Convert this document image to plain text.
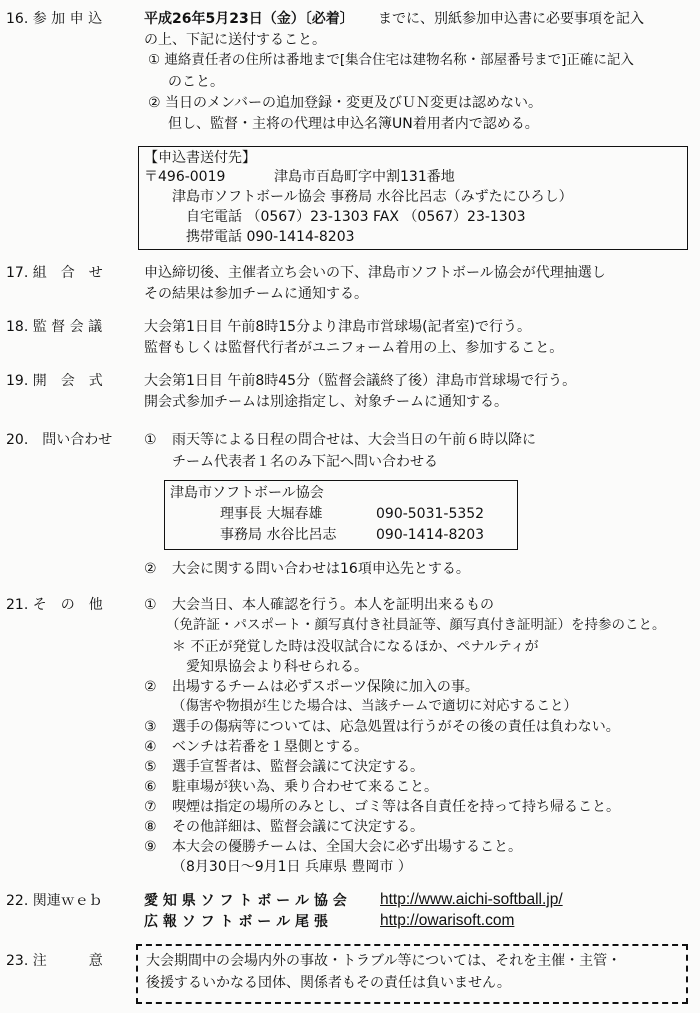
16. 参 加 申 込	平成26年5月23日（金）〔必着〕 までに、別紙参加申込書に必要事項を記入
の上、下記に送付すること。
① 連絡責任者の住所は番地まで[集合住宅は建物名称・部屋番号まで]正確に記入
のこと。
② 当日のメンバーの追加登録・変更及びＵＮ変更は認めない。
但し、監督・主将の代理は申込名簿UN着用者内で認める。
【申込書送付先】
〒496-0019	津島市百島町字中割131番地
津島市ソフトボール協会 事務局 水谷比呂志（みずたにひろし）
自宅電話 （0567）23-1303 FAX （0567）23-1303
携帯電話 090-1414-8203
17. 組　合　せ	申込締切後、主催者立ち会いの下、津島市ソフトボール協会が代理抽選し
その結果は参加チームに通知する。
18. 監 督 会 議	大会第1日目 午前8時15分より津島市営球場(記者室)で行う。
監督もしくは監督代行者がユニフォーム着用の上、参加すること。
19. 開　会　式	大会第1日目 午前8時45分（監督会議終了後）津島市営球場で行う。
開会式参加チームは別途指定し、対象チームに通知する。
20.　問い合わせ ① 雨天等による日程の問合せは、大会当日の午前６時以降に
チーム代表者１名のみ下記へ問い合わせる
津島市ソフトボール協会
理事長 大堀春雄	090-5031-5352
事務局 水谷比呂志	090-1414-8203
② 大会に関する問い合わせは16項申込先とする。
21. そ　の　他	① 大会当日、本人確認を行う。本人を証明出来るもの
（免許証・パスポート・顔写真付き社員証等、顔写真付き証明証）を持参のこと。
＊ 不正が発覚した時は没収試合になるほか、ペナルティが
愛知県協会より科せられる。
② 出場するチームは必ずスポーツ保険に加入の事。
（傷害や物損が生じた場合は、当該チームで適切に対応すること）
③ 選手の傷病等については、応急処置は行うがその後の責任は負わない。
④ ベンチは若番を１塁側とする。
⑤ 選手宣誓者は、監督会議にて決定する。
⑥ 駐車場が狭い為、乗り合わせて来ること。
⑦ 喫煙は指定の場所のみとし、ゴミ等は各自責任を持って持ち帰ること。
⑧ その他詳細は、監督会議にて決定する。
⑨ 本大会の優勝チームは、全国大会に必ず出場すること。
（8月30日～9月1日 兵庫県 豊岡市 ）
22. 関連ｗｅｂ	愛 知 県 ソ フ ト ボ ー ル 協 会 http://www.aichi-softball.jp/
広 報 ソ フ ト ボ ー ル 尾 張	http://owarisoft.com
23. 注　　　意	大会期間中の会場内外の事故・トラブル等については、それを主催・主管・
後援するいかなる団体、関係者もその責任は負いません。
